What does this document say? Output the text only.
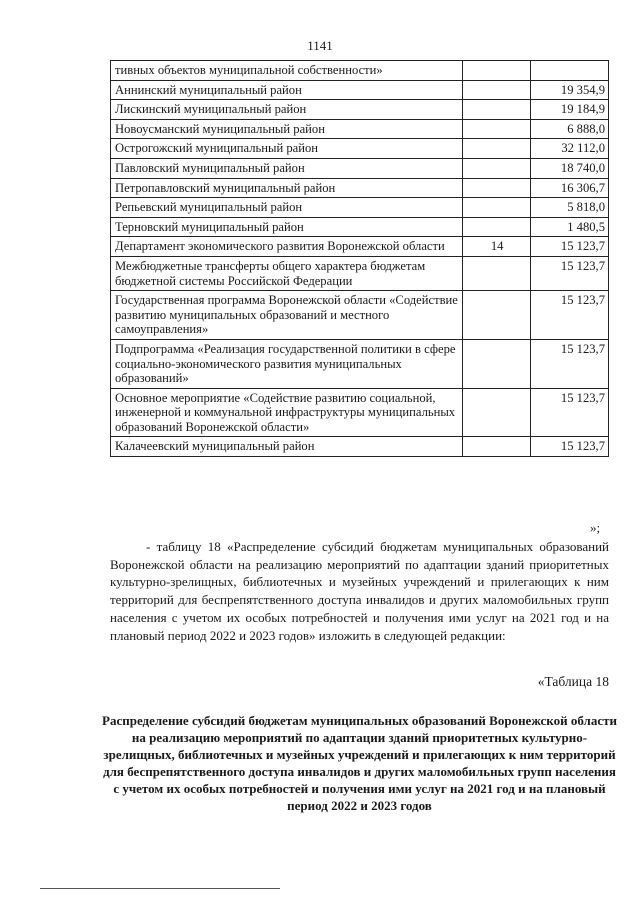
1141
тивных объектов муниципальной собственности»		
Аннинский муниципальный район		19 354,9
Лискинский муниципальный район		19 184,9
Новоусманский муниципальный район		6 888,0
Острогожский муниципальный район		32 112,0
Павловский муниципальный район		18 740,0
Петропавловский муниципальный район		16 306,7
Репьевский муниципальный район		5 818,0
Терновский муниципальный район		1 480,5
Департамент экономического развития Воронежской области	14	15 123,7
Межбюджетные трансферты общего характера бюджетам бюджетной системы Российской Федерации		15 123,7
Государственная программа Воронежской области «Содействие развитию муниципальных образований и местного самоуправления»		15 123,7
Подпрограмма «Реализация государственной политики в сфере социально-экономического развития муниципальных образований»		15 123,7
Основное мероприятие «Содействие развитию социальной, инженерной и коммунальной инфраструктуры муниципальных образований Воронежской области»		15 123,7
Калачеевский муниципальный район		15 123,7
»;
- таблицу 18 «Распределение субсидий бюджетам муниципальных образований Воронежской области на реализацию мероприятий по адаптации зданий приоритетных культурно-зрелищных, библиотечных и музейных учреждений и прилегающих к ним территорий для беспрепятственного доступа инвалидов и других маломобильных групп населения с учетом их особых потребностей и получения ими услуг на 2021 год и на плановый период 2022 и 2023 годов» изложить в следующей редакции:
«Таблица 18
Распределение субсидий бюджетам муниципальных образований Воронежской области на реализацию мероприятий по адаптации зданий приоритетных культурно-зрелищных, библиотечных и музейных учреждений и прилегающих к ним территорий для беспрепятственного доступа инвалидов и других маломобильных групп населения с учетом их особых потребностей и получения ими услуг на 2021 год и на плановый период 2022 и 2023 годов
